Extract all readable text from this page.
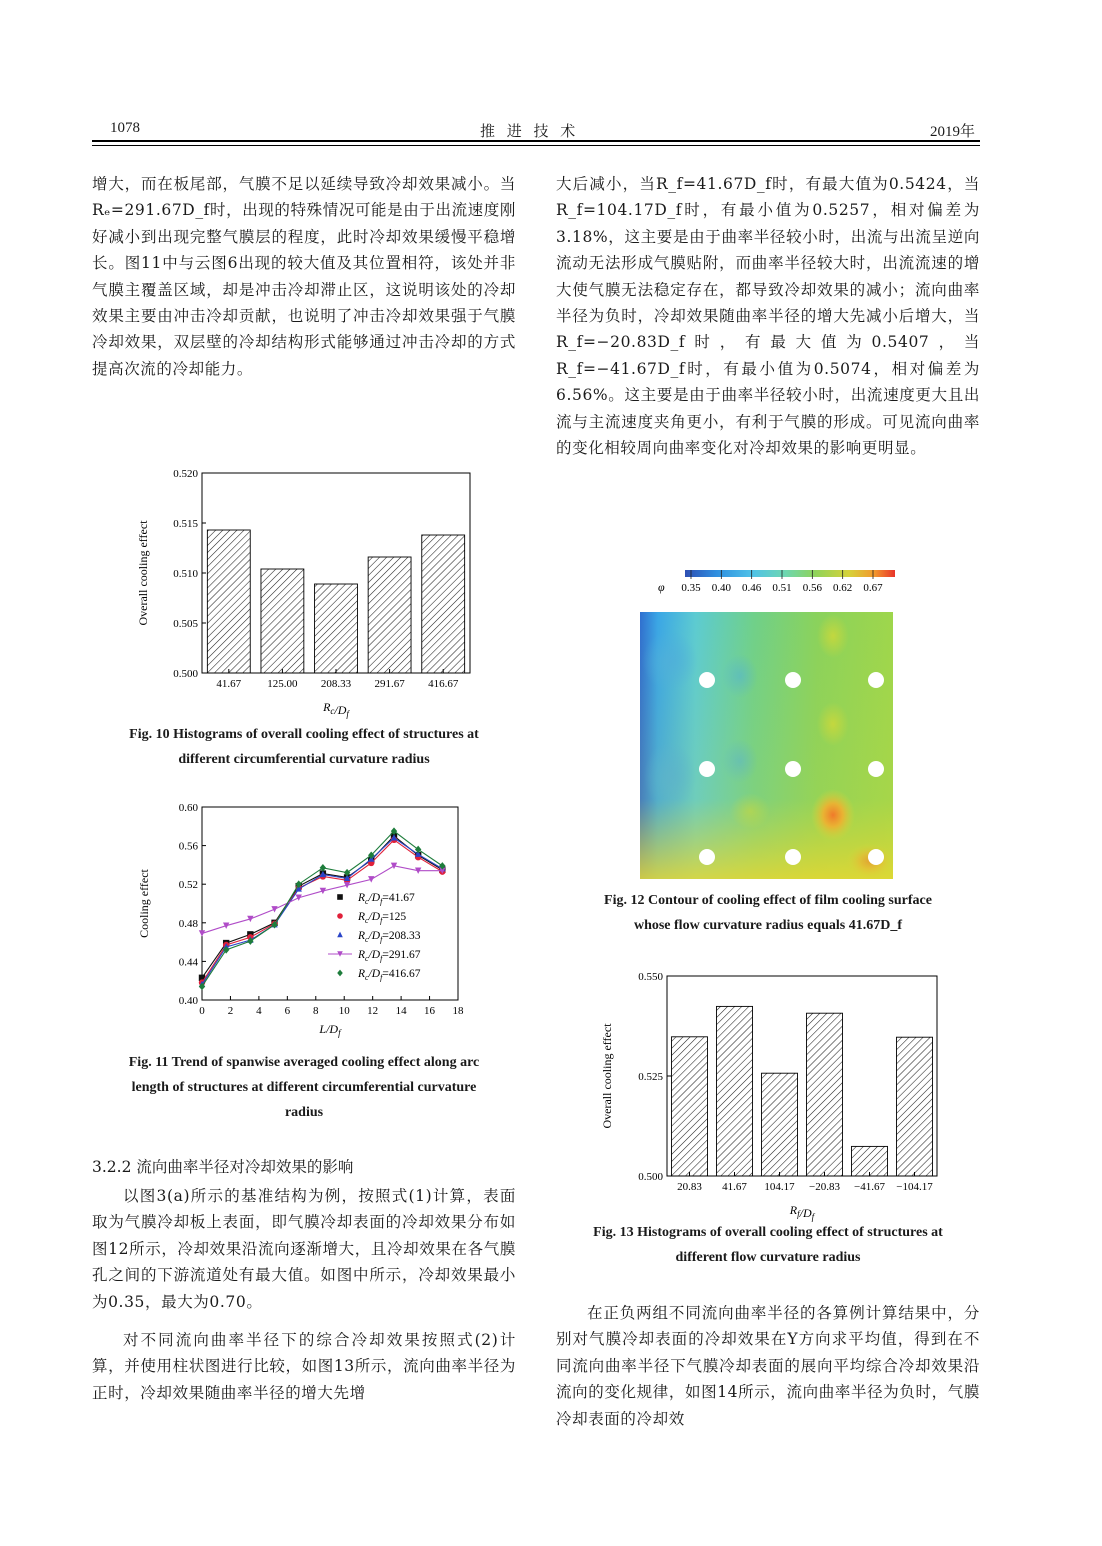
1078	推 进 技 术	2019年

增大，而在板尾部，气膜不足以延续导致冷却效果减小。当Rₑ=291.67D_f时，出现的特殊情况可能是由于出流速度刚好减小到出现完整气膜层的程度，此时冷却效果缓慢平稳增长。图11中与云图6出现的较大值及其位置相符，该处并非气膜主覆盖区域，却是冲击冷却滞止区，这说明该处的冷却效果主要由冲击冷却贡献，也说明了冲击冷却效果强于气膜冷却效果，双层壁的冷却结构形式能够通过冲击冷却的方式提高次流的冷却能力。

0.500
0.505
0.510
0.515
0.520
41.67 125.00 208.33 291.67 416.67
$R_c/D_f$
Overall cooling effect
Fig. 10 Histograms of overall cooling effect of structures at
different circumferential curvature radius
0.40
0.44
0.48
0.52
0.56
0.60
0 2 4 6 8 10 12 14 16 18
$L/D_f$
Cooling effect	$R_c/D_f=41.67$
$R_c/D_f=125$
$R_c/D_f=208.33$
$R_c/D_f=291.67$
$R_c/D_f=416.67$
Fig. 11 Trend of spanwise averaged cooling effect along arc
length of structures at different circumferential curvature
radius
3.2.2 流向曲率半径对冷却效果的影响

以图3(a)所示的基准结构为例，按照式(1)计算，表面取为气膜冷却板上表面，即气膜冷却表面的冷却效果分布如图12所示，冷却效果沿流向逐渐增大，且冷却效果在各气膜孔之间的下游流道处有最大值。如图中所示，冷却效果最小为0.35，最大为0.70。

对不同流向曲率半径下的综合冷却效果按照式(2)计算，并使用柱状图进行比较，如图13所示，流向曲率半径为正时，冷却效果随曲率半径的增大先增

大后减小，当R_f=41.67D_f时，有最大值为0.5424，当R_f=104.17D_f时，有最小值为0.5257，相对偏差为3.18%，这主要是由于曲率半径较小时，出流与出流呈逆向流动无法形成气膜贴附，而曲率半径较大时，出流流速的增大使气膜无法稳定存在，都导致冷却效果的减小；流向曲率半径为负时，冷却效果随曲率半径的增大先减小后增大，当R_f=−20.83D_f时，有最大值为0.5407，当R_f=−41.67D_f时，有最小值为0.5074，相对偏差为6.56%。这主要是由于曲率半径较小时，出流速度更大且出流与主流速度夹角更小，有利于气膜的形成。可见流向曲率的变化相较周向曲率变化对冷却效果的影响更明显。

φ 0.35 0.40 0.46 0.51 0.56 0.62 0.67
Fig. 12 Contour of cooling effect of film cooling surface
whose flow curvature radius equals 41.67D_f
0.500
0.525
0.550
20.83 41.67 104.17 −20.83 −41.67 −104.17
$R_f/D_f$
Overall cooling effect
Fig. 13 Histograms of overall cooling effect of structures at
different flow curvature radius

在正负两组不同流向曲率半径的各算例计算结果中，分别对气膜冷却表面的冷却效果在Y方向求平均值，得到在不同流向曲率半径下气膜冷却表面的展向平均综合冷却效果沿流向的变化规律，如图14所示，流向曲率半径为负时，气膜冷却表面的冷却效
